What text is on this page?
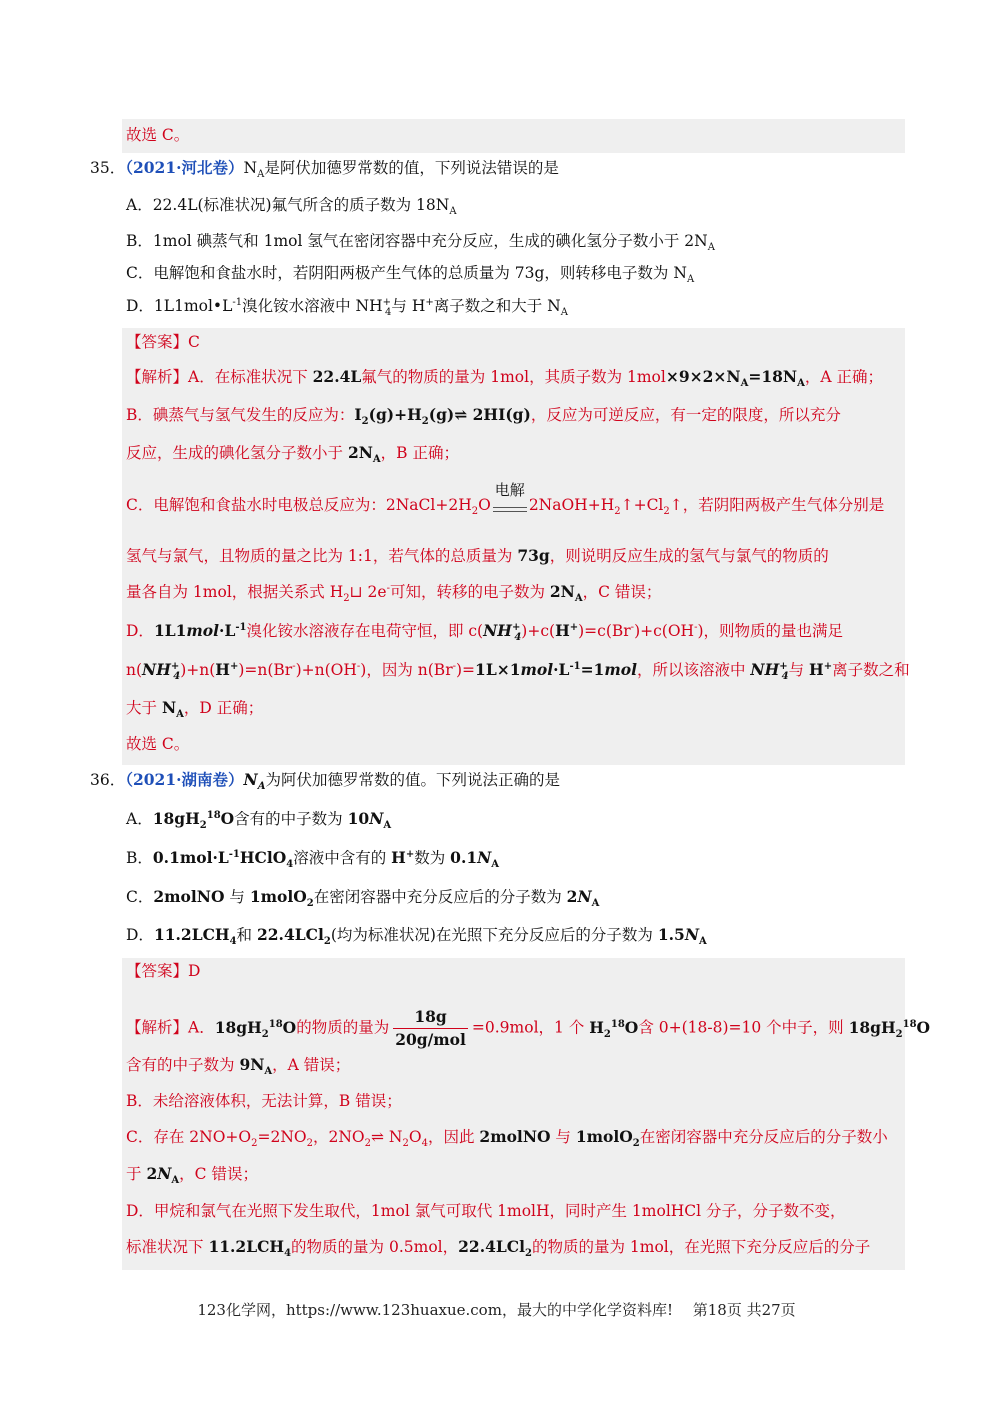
故选 C。
35．（2021·河北卷）$N_A$是阿伏加德罗常数的值，下列说法错误的是
A．22.4L(标准状况)氟气所含的质子数为 $18N_A$
B．1mol 碘蒸气和 1mol 氢气在密闭容器中充分反应，生成的碘化氢分子数小于 $2N_A$
C．电解饱和食盐水时，若阴阳两极产生气体的总质量为 73g，则转移电子数为 $N_A$
D．$1L1mol•L^{-1}$溴化铵水溶液中 $NH^+_4$与 H+离子数之和大于 $N_A$
【答案】C
【解析】A．在标准状况下 22.4L氟气的物质的量为 1mol，其质子数为 $1mol\times 9\times 2\times N_A=18N_A$，A 正确；
B．碘蒸气与氢气发生的反应为：$I_2(g)+H_2(g)\rightleftharpoons$ 2HI(g)，反应为可逆反应，有一定的限度，所以充分
反应，生成的碘化氢分子数小于 $2N_A$，B 正确；
C．电解饱和食盐水时电极总反应为：$2NaCl+2H_2O$
电解
$2NaOH+H_2↑+Cl_2↑$，若阴阳两极产生气体分别是
氢气与氯气，且物质的量之比为 1:1，若气体的总质量为 73g，则说明反应生成的氢气与氯气的物质的
量各自为 1mol，根据关系式 $H_2⊔$ 2e-可知，转移的电子数为 $2N_A$，C 错误；
D．$1L1mol\cdot L^{-1}$溴化铵水溶液存在电荷守恒，即 $c(NH^+_4)+c(H^+)=c(Br^-)+c(OH^-)$，则物质的量也满足
$n(NH^+_4)+n(H^+)=n(Br^-)+n(OH^-)$，因为 $n(Br^-)=1L\times 1mol\cdot L^{-1}=1mol$，所以该溶液中 $NH^+_4$与 H+离子数之和
大于 $N_A$，D 正确；
故选 C。
36．（2021·湖南卷）$N_A$为阿伏加德罗常数的值。下列说法正确的是
A．$18gH_2^{18}O$含有的中子数为 $10N_A$
B．$0.1mol\cdot L^{-1}HClO_4$溶液中含有的 H+数为 $0.1N_A$
C．2molNO 与 1molO$_2$在密闭容器中充分反应后的分子数为 $2N_A$
D．$11.2LCH_4$和 22.4LCl$_2$(均为标准状况)在光照下充分反应后的分子数为 $1.5N_A$
【答案】D
【解析】A．$18gH_2^{18}O$的物质的量为 $\frac{18g}{\text{20g/mol}} =0.9mol$，1 个 $H_2^{18}O$含 0+(18-8)=10 个中子，则 $18gH_2^{18}O$
含有的中子数为 $9N_A$，A 错误；
B．未给溶液体积，无法计算，B 错误；
C．存在 $2NO+O_2=2NO_2$，$2NO_2\rightleftharpoons$ $N_2O_4$，因此 2molNO 与 1molO$_2$在密闭容器中充分反应后的分子数小
于 $2N_A$，C 错误；
D．甲烷和氯气在光照下发生取代，1mol 氯气可取代 1molH，同时产生 1molHCl 分子，分子数不变，
标准状况下 $11.2LCH_4$的物质的量为 0.5mol，22.4LCl$_2$的物质的量为 1mol，在光照下充分反应后的分子
123化学网，https://www.123huaxue.com，最大的中学化学资料库!　 第18页 共27页
